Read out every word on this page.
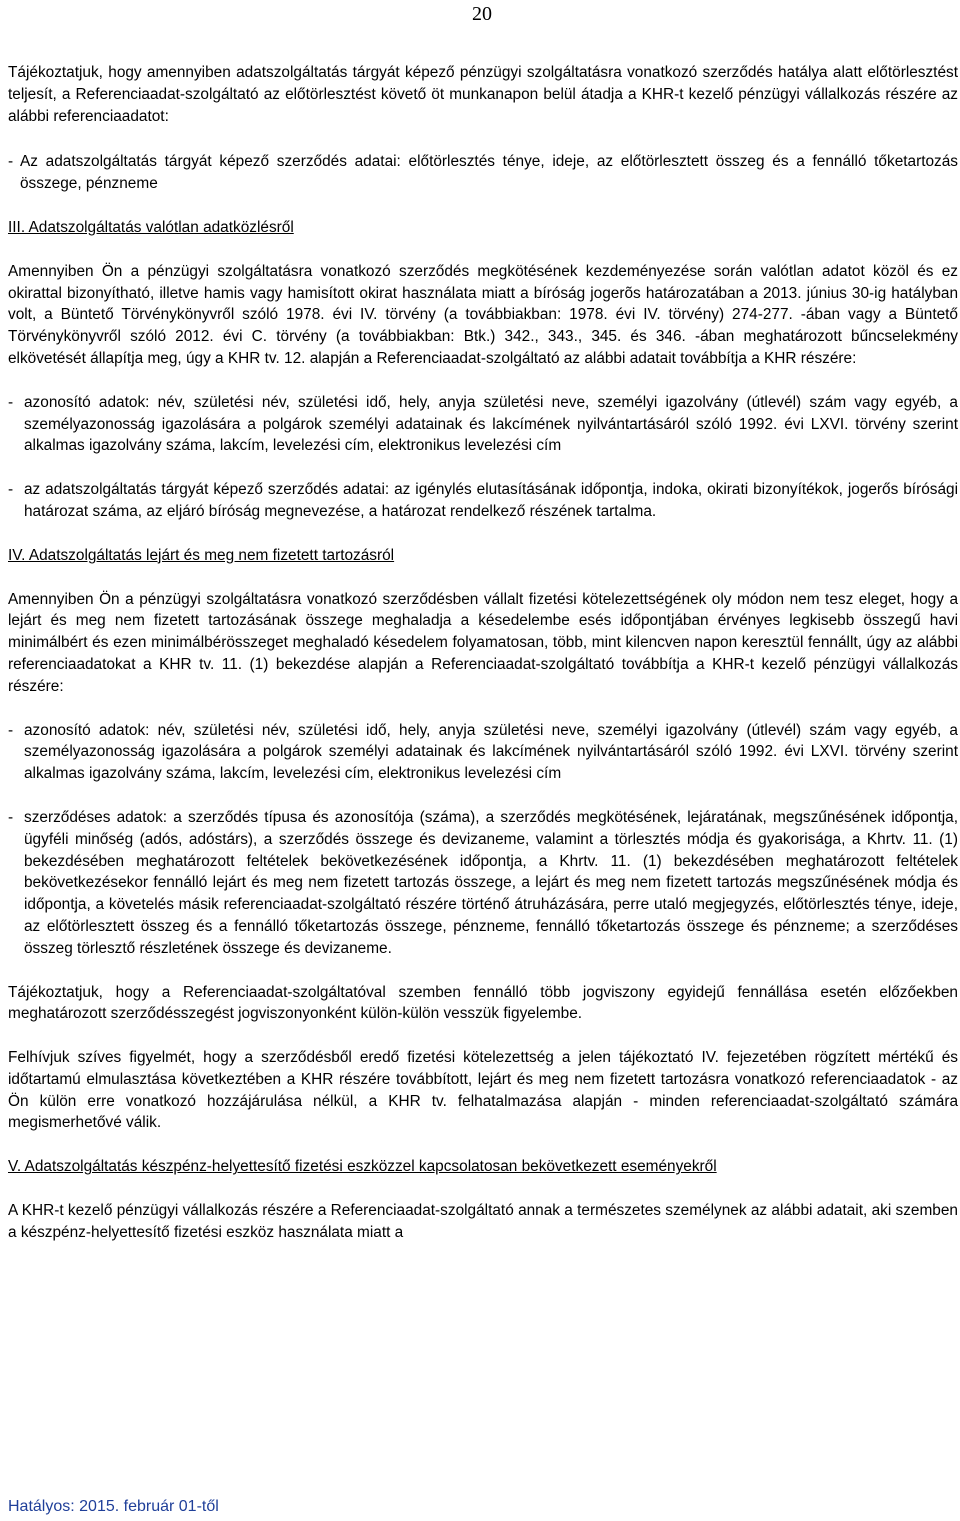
20

Tájékoztatjuk, hogy amennyiben adatszolgáltatás tárgyát képező pénzügyi szolgáltatásra vonatkozó szerződés hatálya alatt előtörlesztést teljesít, a Referenciaadat-szolgáltató az előtörlesztést követő öt munkanapon belül átadja a KHR-t kezelő pénzügyi vállalkozás részére az alábbi referenciaadatot:

- Az adatszolgáltatás tárgyát képező szerződés adatai: előtörlesztés ténye, ideje, az előtörlesztett összeg és a fennálló tőketartozás összege, pénzneme

III. Adatszolgáltatás valótlan adatközlésről

Amennyiben Ön a pénzügyi szolgáltatásra vonatkozó szerződés megkötésének kezdeményezése során valótlan adatot közöl és ez okirattal bizonyítható, illetve hamis vagy hamisított okirat használata miatt a bíróság jogerõs határozatában a 2013. június 30-ig hatályban volt, a Büntető Törvénykönyvről szóló 1978. évi IV. törvény (a továbbiakban: 1978. évi IV. törvény) 274-277. -ában vagy a Büntető Törvénykönyvről szóló 2012. évi C. törvény (a továbbiakban: Btk.) 342., 343., 345. és 346. -ában meghatározott bűncselekmény elkövetését állapítja meg, úgy a KHR tv. 12. alapján a Referenciaadat-szolgáltató az alábbi adatait továbbítja a KHR részére:

- azonosító adatok: név, születési név, születési idő, hely, anyja születési neve, személyi igazolvány (útlevél) szám vagy egyéb, a személyazonosság igazolására a polgárok személyi adatainak és lakcímének nyilvántartásáról szóló 1992. évi LXVI. törvény szerint alkalmas igazolvány száma, lakcím, levelezési cím, elektronikus levelezési cím
- az adatszolgáltatás tárgyát képező szerződés adatai: az igénylés elutasításának időpontja, indoka, okirati bizonyítékok, jogerős bírósági határozat száma, az eljáró bíróság megnevezése, a határozat rendelkező részének tartalma.

IV. Adatszolgáltatás lejárt és meg nem fizetett tartozásról

Amennyiben Ön a pénzügyi szolgáltatásra vonatkozó szerződésben vállalt fizetési kötelezettségének oly módon nem tesz eleget, hogy a lejárt és meg nem fizetett tartozásának összege meghaladja a késedelembe esés időpontjában érvényes legkisebb összegű havi minimálbért és ezen minimálbérösszeget meghaladó késedelem folyamatosan, több, mint kilencven napon keresztül fennállt, úgy az alábbi referenciaadatokat a KHR tv. 11. (1) bekezdése alapján a Referenciaadat-szolgáltató továbbítja a KHR-t kezelő pénzügyi vállalkozás részére:

- azonosító adatok: név, születési név, születési idő, hely, anyja születési neve, személyi igazolvány (útlevél) szám vagy egyéb, a személyazonosság igazolására a polgárok személyi adatainak és lakcímének nyilvántartásáról szóló 1992. évi LXVI. törvény szerint alkalmas igazolvány száma, lakcím, levelezési cím, elektronikus levelezési cím
- szerződéses adatok: a szerződés típusa és azonosítója (száma), a szerződés megkötésének, lejáratának, megszűnésének időpontja, ügyféli minőség (adós, adóstárs), a szerződés összege és devizaneme, valamint a törlesztés módja és gyakorisága, a Khrtv. 11. (1) bekezdésében meghatározott feltételek bekövetkezésének időpontja, a Khrtv. 11. (1) bekezdésében meghatározott feltételek bekövetkezésekor fennálló lejárt és meg nem fizetett tartozás összege, a lejárt és meg nem fizetett tartozás megszűnésének módja és időpontja, a követelés másik referenciaadat-szolgáltató részére történő átruházására, perre utaló megjegyzés, előtörlesztés ténye, ideje, az előtörlesztett összeg és a fennálló tőketartozás összege, pénzneme, fennálló tőketartozás összege és pénzneme; a szerződéses összeg törlesztő részletének összege és devizaneme.

Tájékoztatjuk, hogy a Referenciaadat-szolgáltatóval szemben fennálló több jogviszony egyidejű fennállása esetén előzőekben meghatározott szerződésszegést jogviszonyonként külön-külön vesszük figyelembe.

Felhívjuk szíves figyelmét, hogy a szerződésből eredő fizetési kötelezettség a jelen tájékoztató IV. fejezetében rögzített mértékű és időtartamú elmulasztása következtében a KHR részére továbbított, lejárt és meg nem fizetett tartozásra vonatkozó referenciaadatok - az Ön külön erre vonatkozó hozzájárulása nélkül, a KHR tv. felhatalmazása alapján - minden referenciaadat-szolgáltató számára megismerhetővé válik.

V. Adatszolgáltatás készpénz-helyettesítő fizetési eszközzel kapcsolatosan bekövetkezett eseményekről

A KHR-t kezelő pénzügyi vállalkozás részére a Referenciaadat-szolgáltató annak a természetes személynek az alábbi adatait, aki szemben a készpénz-helyettesítő fizetési eszköz használata miatt a

Hatályos: 2015. február 01-től
